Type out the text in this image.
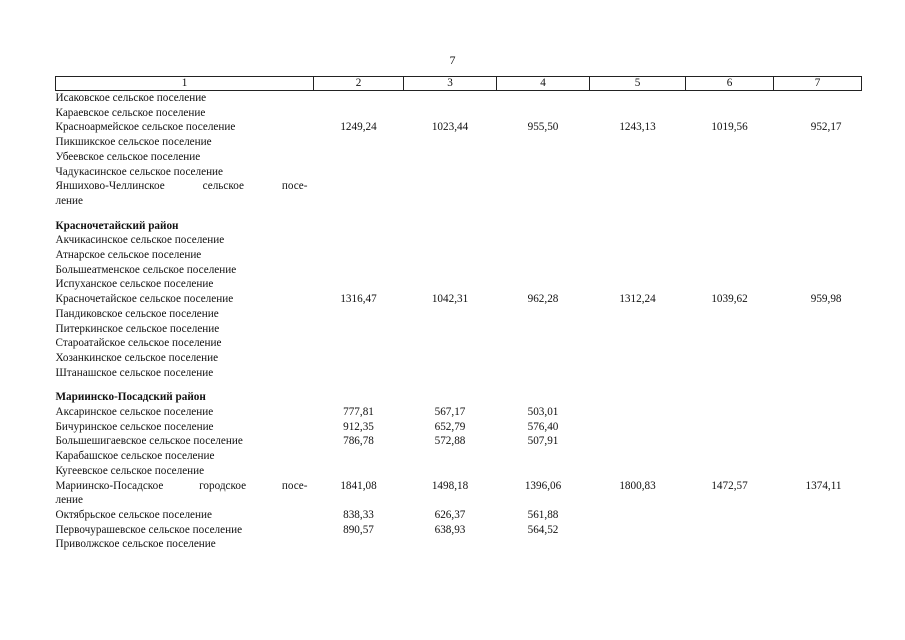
7
1	2	3	4	5	6	7
Исаковское сельское поселение						
Караевское сельское поселение						
Красноармейское сельское поселение	1249,24	1023,44	955,50	1243,13	1019,56	952,17
Пикшикское сельское поселение						
Убеевское сельское поселение						
Чадукасинское сельское поселение						
Яншихово-Челлинское сельское посе-						
ление						

Красночетайский район						
Акчикасинское сельское поселение						
Атнарское сельское поселение						
Большеатменское сельское поселение						
Испуханское сельское поселение						
Красночетайское сельское поселение	1316,47	1042,31	962,28	1312,24	1039,62	959,98
Пандиковское сельское поселение						
Питеркинское сельское поселение						
Староатайское сельское поселение						
Хозанкинское сельское поселение						
Штанашское сельское поселение						

Мариинско-Посадский район						
Аксаринское сельское поселение	777,81	567,17	503,01			
Бичуринское сельское поселение	912,35	652,79	576,40			
Большешигаевское сельское поселение	786,78	572,88	507,91			
Карабашское сельское поселение						
Кугеевское сельское поселение						
Мариинско-Посадское городское посе-	1841,08	1498,18	1396,06	1800,83	1472,57	1374,11
ление						
Октябрьское сельское поселение	838,33	626,37	561,88			
Первочурашевское сельское поселение	890,57	638,93	564,52			
Приволжское сельское поселение						
